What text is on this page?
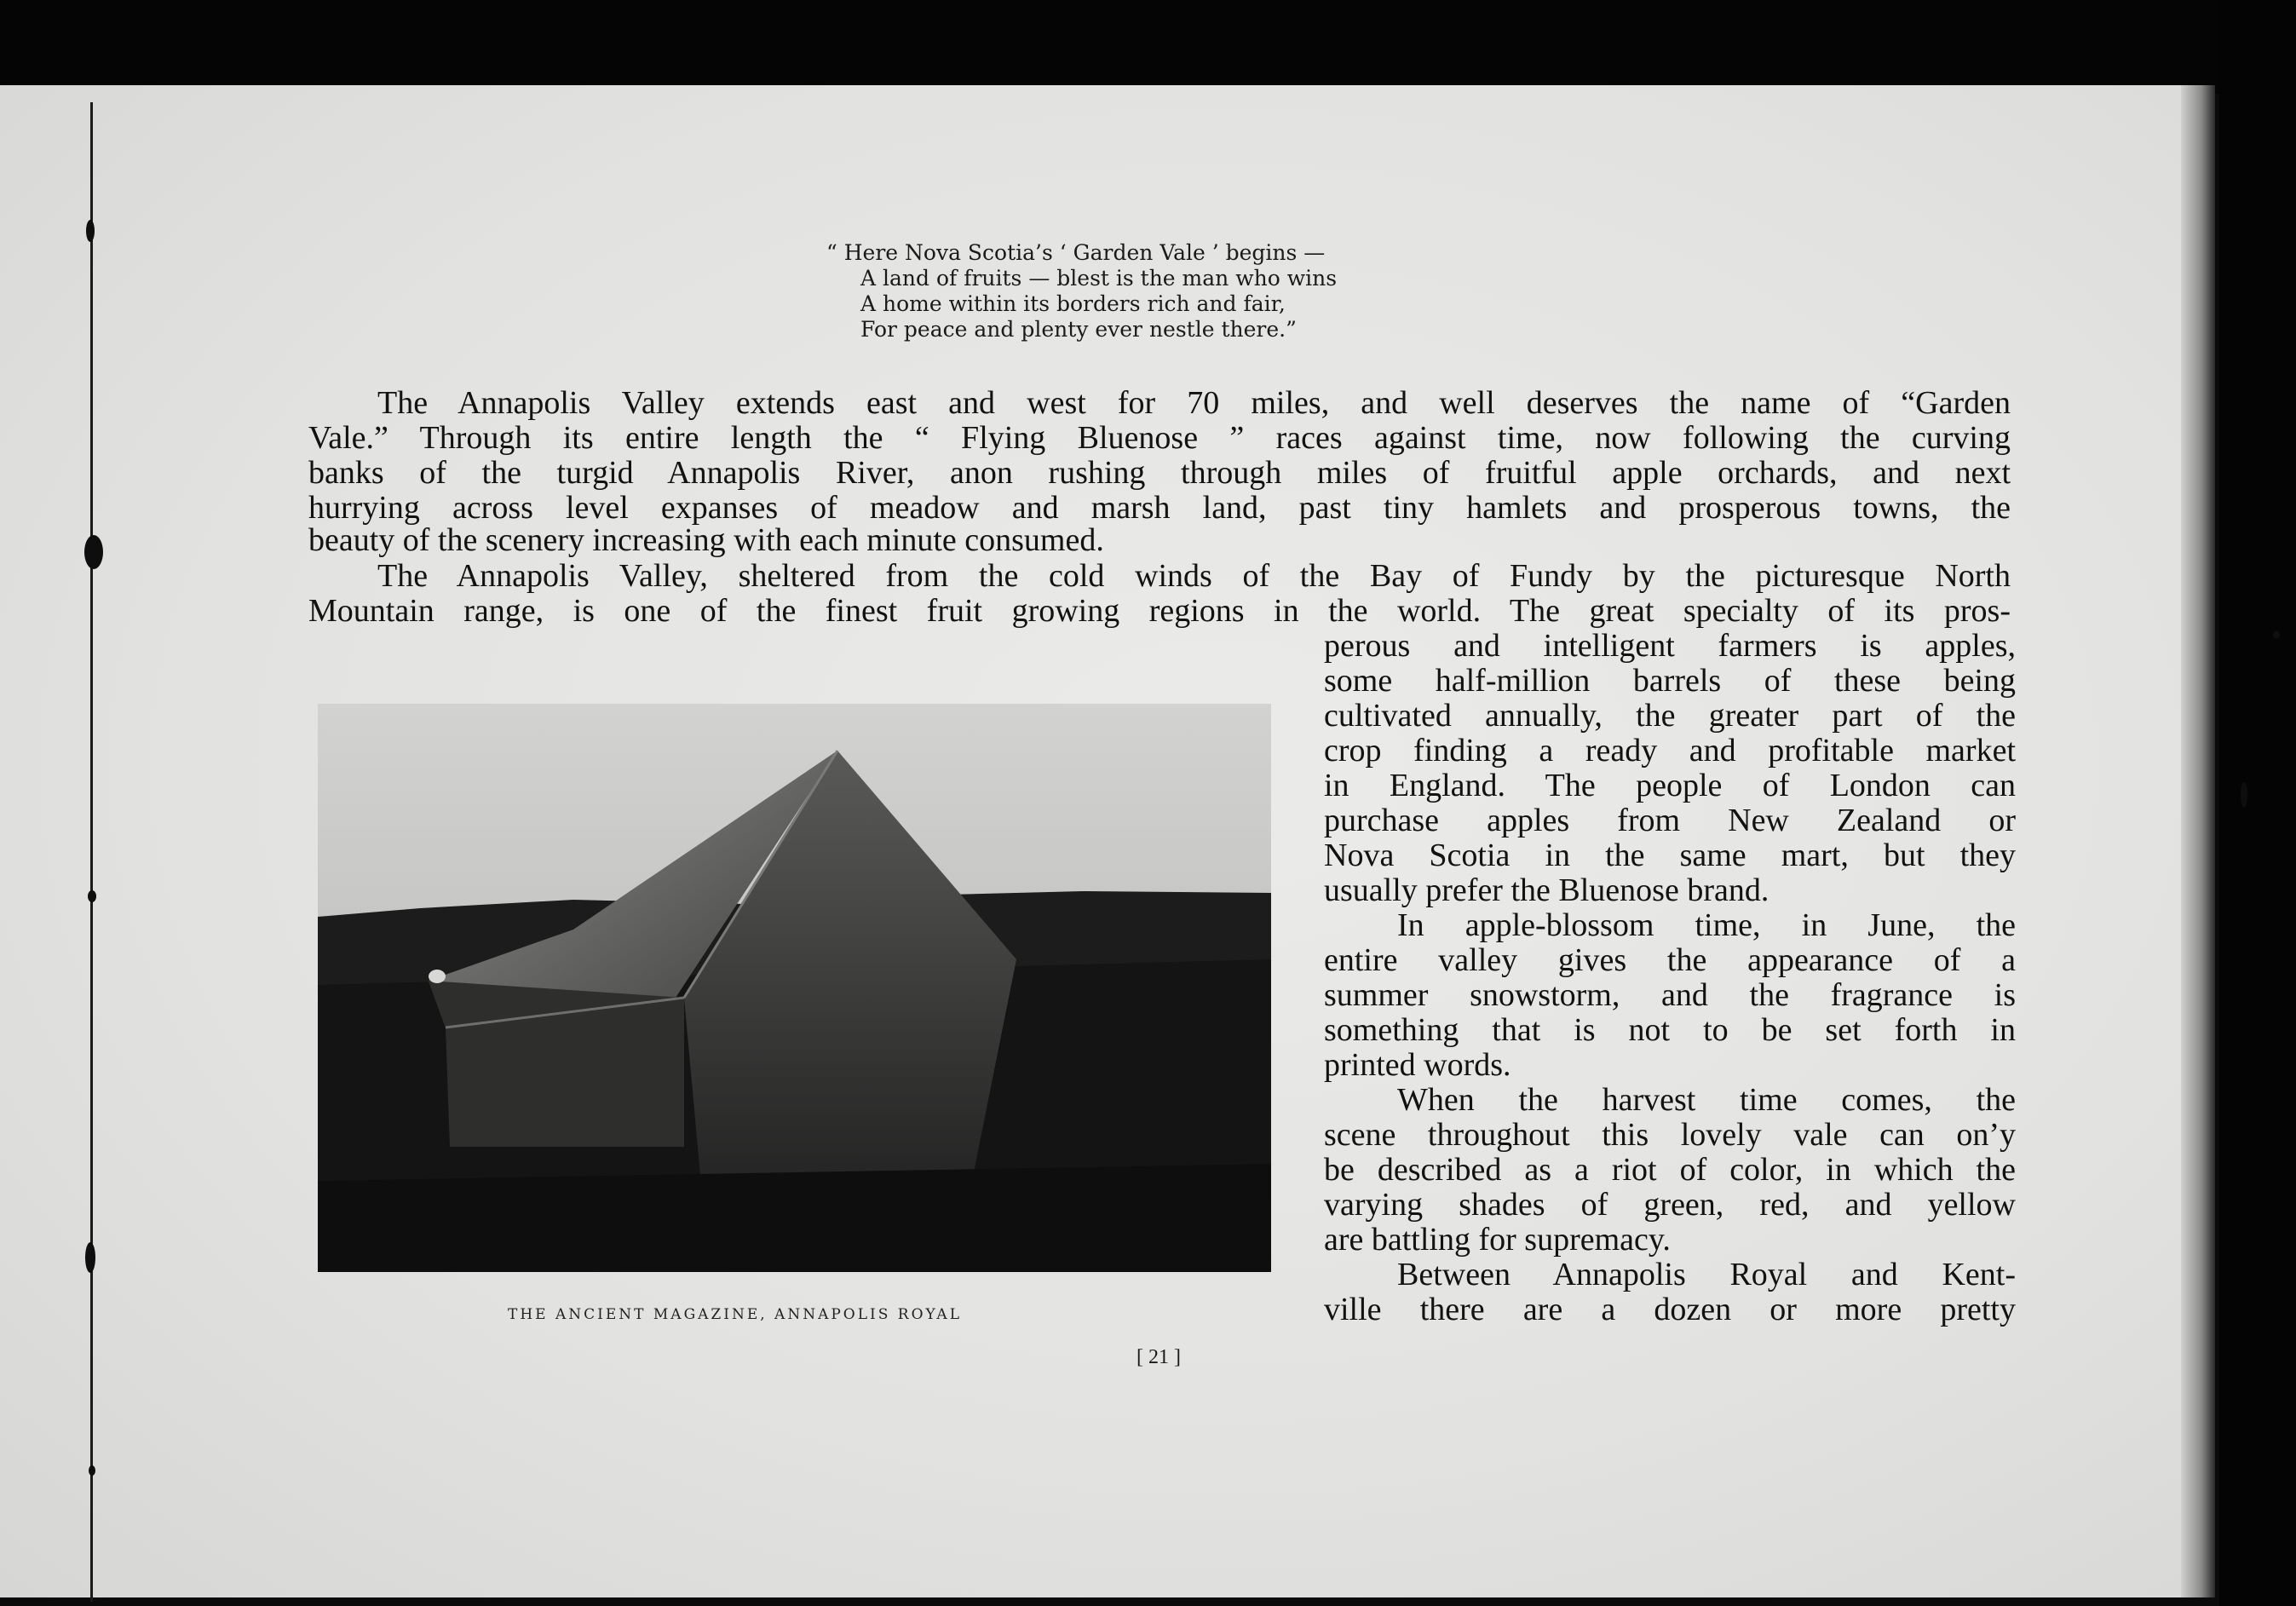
“ Here Nova Scotia’s ‘ Garden Vale ’ begins —
A land of fruits — blest is the man who wins
A home within its borders rich and fair,
For peace and plenty ever nestle there.”
The Annapolis Valley extends east and west for 70 miles, and well deserves the name of “Garden
Vale.” Through its entire length the “ Flying Bluenose ” races against time, now following the curving
banks of the turgid Annapolis River, anon rushing through miles of fruitful apple orchards, and next
hurrying across level expanses of meadow and marsh land, past tiny hamlets and prosperous towns, the
beauty of the scenery increasing with each minute consumed.
The Annapolis Valley, sheltered from the cold winds of the Bay of Fundy by the picturesque North
Mountain range, is one of the finest fruit growing regions in the world. The great specialty of its pros-
perous and intelligent farmers is apples,
some half-million barrels of these being
cultivated annually, the greater part of the
crop finding a ready and profitable market
in England. The people of London can
purchase apples from New Zealand or
Nova Scotia in the same mart, but they
usually prefer the Bluenose brand.
In apple-blossom time, in June, the
entire valley gives the appearance of a
summer snowstorm, and the fragrance is
something that is not to be set forth in
printed words.
When the harvest time comes, the
scene throughout this lovely vale can on’y
be described as a riot of color, in which the
varying shades of green, red, and yellow
are battling for supremacy.
Between Annapolis Royal and Kent-
ville there are a dozen or more pretty
THE ANCIENT MAGAZINE, ANNAPOLIS ROYAL
[ 21 ]
